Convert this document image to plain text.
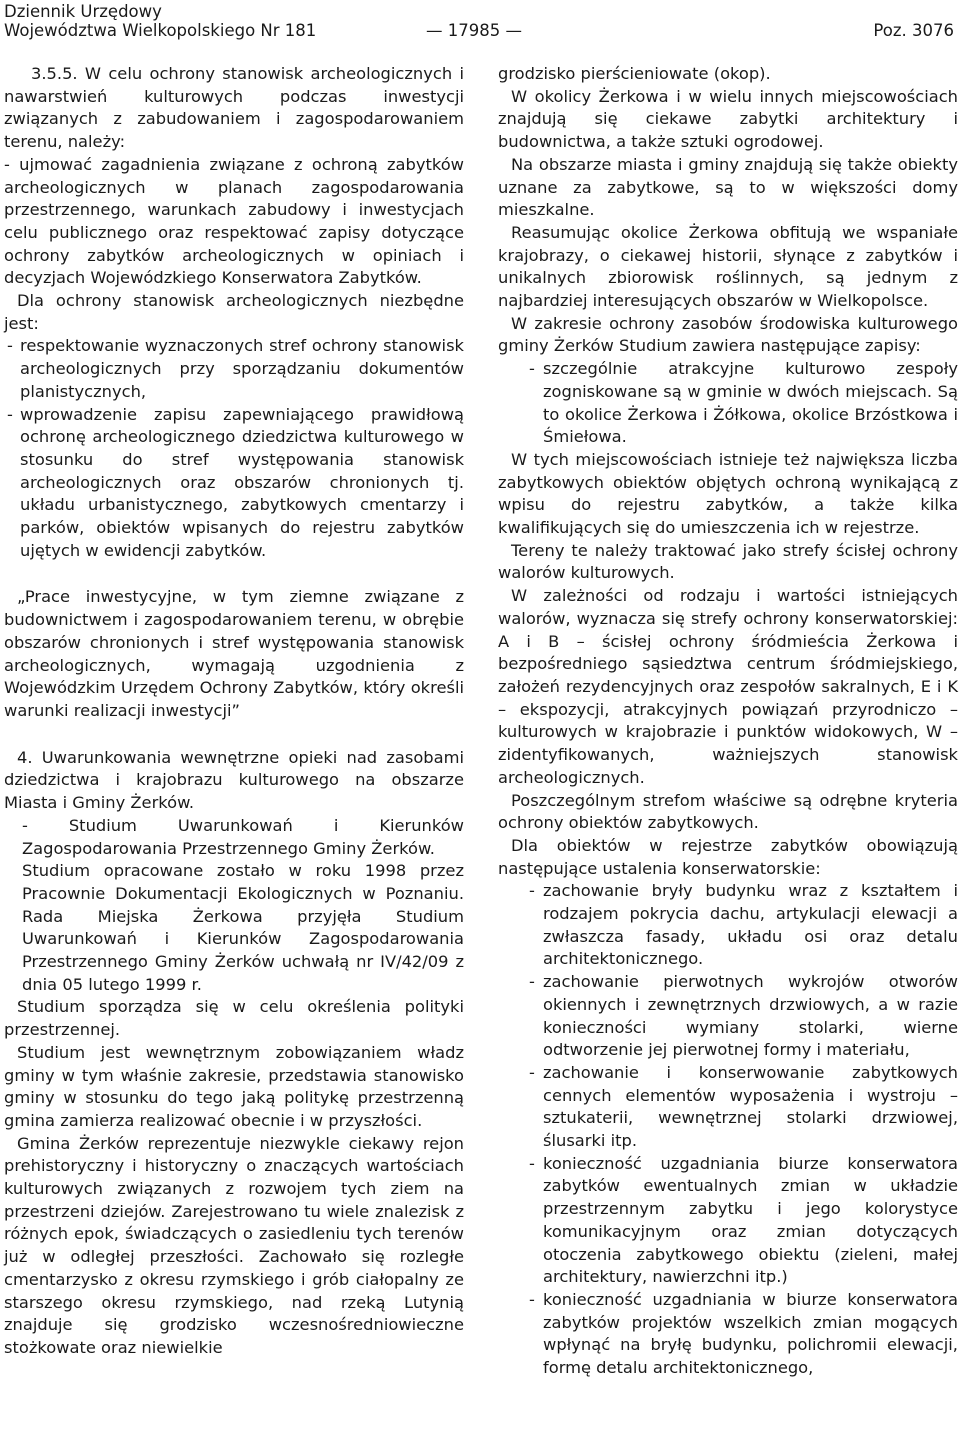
Dziennik Urzędowy
Województwa Wielkopolskiego Nr 181	— 17985 —	Poz. 3076

3.5.5. W celu ochrony stanowisk archeologicznych i nawarstwień kulturowych podczas inwestycji związanych z zabudowaniem i zagospodarowaniem terenu, należy:

- ujmować zagadnienia związane z ochroną zabytków archeologicznych w planach zagospodarowania przestrzennego, warunkach zabudowy i inwestycjach celu publicznego oraz respektować zapisy dotyczące ochrony zabytków archeologicznych w opiniach i decyzjach Wojewódzkiego Konserwatora Zabytków.

Dla ochrony stanowisk archeologicznych niezbędne jest:

- respektowanie wyznaczonych stref ochrony stanowisk archeologicznych przy sporządzaniu dokumentów planistycznych,

- wprowadzenie zapisu zapewniającego prawidłową ochronę archeologicznego dziedzictwa kulturowego w stosunku do stref występowania stanowisk archeologicznych oraz obszarów chronionych tj. układu urbanistycznego, zabytkowych cmentarzy i parków, obiektów wpisanych do rejestru zabytków ujętych w ewidencji zabytków.

„Prace inwestycyjne, w tym ziemne związane z budownictwem i zagospodarowaniem terenu, w obrębie obszarów chronionych i stref występowania stanowisk archeologicznych, wymagają uzgodnienia z Wojewódzkim Urzędem Ochrony Zabytków, który określi warunki realizacji inwestycji”

4. Uwarunkowania wewnętrzne opieki nad zasobami dziedzictwa i krajobrazu kulturowego na obszarze Miasta i Gminy Żerków.

- Studium Uwarunkowań i Kierunków Zagospodarowania Przestrzennego Gminy Żerków.

Studium opracowane zostało w roku 1998 przez Pracownie Dokumentacji Ekologicznych w Poznaniu. Rada Miejska Żerkowa przyjęła Studium Uwarunkowań i Kierunków Zagospodarowania Przestrzennego Gminy Żerków uchwałą nr IV/42/09 z dnia 05 lutego 1999 r.

Studium sporządza się w celu określenia polityki przestrzennej.

Studium jest wewnętrznym zobowiązaniem władz gminy w tym właśnie zakresie, przedstawia stanowisko gminy w stosunku do tego jaką politykę przestrzenną gmina zamierza realizować obecnie i w przyszłości.

Gmina Żerków reprezentuje niezwykle ciekawy rejon prehistoryczny i historyczny o znaczących wartościach kulturowych związanych z rozwojem tych ziem na przestrzeni dziejów. Zarejestrowano tu wiele znalezisk z różnych epok, świadczących o zasiedleniu tych terenów już w odległej przeszłości. Zachowało się rozległe cmentarzysko z okresu rzymskiego i grób ciałopalny ze starszego okresu rzymskiego, nad rzeką Lutynią znajduje się grodzisko wczesnośredniowieczne stożkowate oraz niewielkie

grodzisko pierścieniowate (okop).

W okolicy Żerkowa i w wielu innych miejscowościach znajdują się ciekawe zabytki architektury i budownictwa, a także sztuki ogrodowej.

Na obszarze miasta i gminy znajdują się także obiekty uznane za zabytkowe, są to w większości domy mieszkalne.

Reasumując okolice Żerkowa obfitują we wspaniałe krajobrazy, o ciekawej historii, słynące z zabytków i unikalnych zbiorowisk roślinnych, są jednym z najbardziej interesujących obszarów w Wielkopolsce.

W zakresie ochrony zasobów środowiska kulturowego gminy Żerków Studium zawiera następujące zapisy:

- szczególnie atrakcyjne kulturowo zespoły zogniskowane są w gminie w dwóch miejscach. Są to okolice Żerkowa i Żółkowa, okolice Brzóstkowa i Śmiełowa.

W tych miejscowościach istnieje też największa liczba zabytkowych obiektów objętych ochroną wynikającą z wpisu do rejestru zabytków, a także kilka kwalifikujących się do umieszczenia ich w rejestrze.

Tereny te należy traktować jako strefy ścisłej ochrony walorów kulturowych.

W zależności od rodzaju i wartości istniejących walorów, wyznacza się strefy ochrony konserwatorskiej: A i B – ścisłej ochrony śródmieścia Żerkowa i bezpośredniego sąsiedztwa centrum śródmiejskiego, założeń rezydencyjnych oraz zespołów sakralnych, E i K – ekspozycji, atrakcyjnych powiązań przyrodniczo – kulturowych w krajobrazie i punktów widokowych, W – zidentyfikowanych, ważniejszych stanowisk archeologicznych.

Poszczególnym strefom właściwe są odrębne kryteria ochrony obiektów zabytkowych.

Dla obiektów w rejestrze zabytków obowiązują następujące ustalenia konserwatorskie:

- zachowanie bryły budynku wraz z kształtem i rodzajem pokrycia dachu, artykulacji elewacji a zwłaszcza fasady, układu osi oraz detalu architektonicznego.

- zachowanie pierwotnych wykrojów otworów okiennych i zewnętrznych drzwiowych, a w razie konieczności wymiany stolarki, wierne odtworzenie jej pierwotnej formy i materiału,

- zachowanie i konserwowanie zabytkowych cennych elementów wyposażenia i wystroju – sztukaterii, wewnętrznej stolarki drzwiowej, ślusarki itp.

- konieczność uzgadniania biurze konserwatora zabytków ewentualnych zmian w układzie przestrzennym zabytku i jego kolorystyce komunikacyjnym oraz zmian dotyczących otoczenia zabytkowego obiektu (zieleni, małej architektury, nawierzchni itp.)

- konieczność uzgadniania w biurze konserwatora zabytków projektów wszelkich zmian mogących wpłynąć na bryłę budynku, polichromii elewacji, formę detalu architektonicznego,
